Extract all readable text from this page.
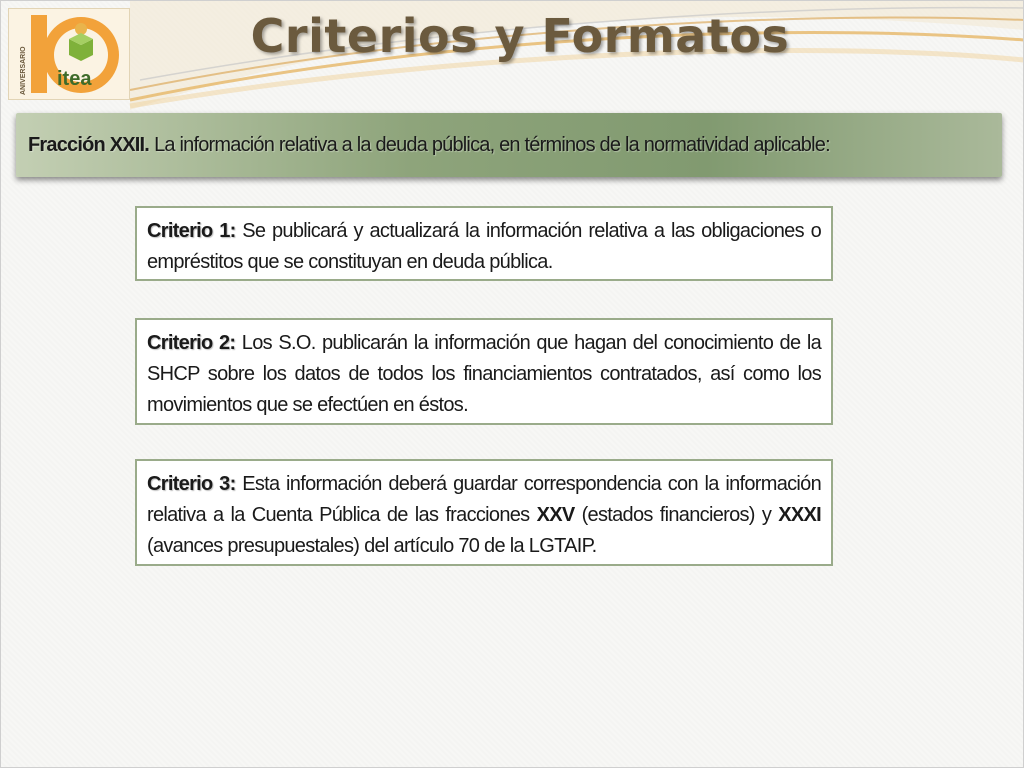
ANIVERSARIO itea
Criterios y Formatos
Fracción XXII. La información relativa a la deuda pública, en términos de la normatividad aplicable:
Criterio 1: Se publicará y actualizará la información relativa a las obligaciones o empréstitos que se constituyan en deuda pública.
Criterio 2: Los S.O. publicarán la información que hagan del conocimiento de la SHCP sobre los datos de todos los financiamientos contratados, así como los movimientos que se efectúen en éstos.
Criterio 3: Esta información deberá guardar correspondencia con la información relativa a la Cuenta Pública de las fracciones XXV (estados financieros) y XXXI (avances presupuestales) del artículo 70 de la LGTAIP.
